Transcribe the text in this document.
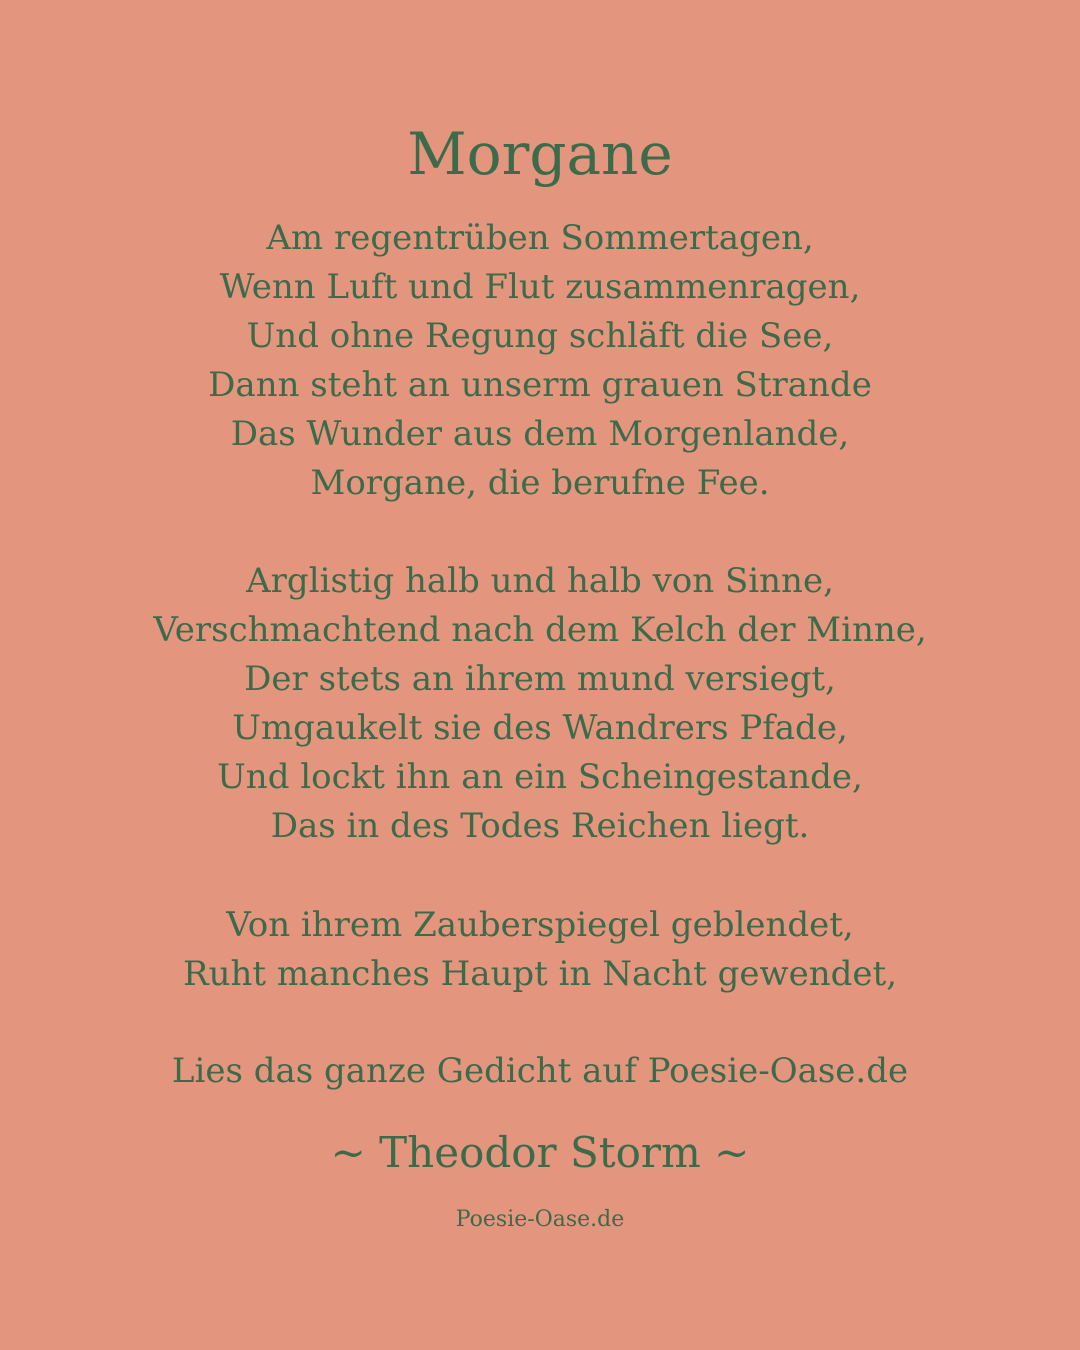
Morgane
Am regentrüben Sommertagen,
Wenn Luft und Flut zusammenragen,
Und ohne Regung schläft die See,
Dann steht an unserm grauen Strande
Das Wunder aus dem Morgenlande,
Morgane, die berufne Fee.
Arglistig halb und halb von Sinne,
Verschmachtend nach dem Kelch der Minne,
Der stets an ihrem mund versiegt,
Umgaukelt sie des Wandrers Pfade,
Und lockt ihn an ein Scheingestande,
Das in des Todes Reichen liegt.
Von ihrem Zauberspiegel geblendet,
Ruht manches Haupt in Nacht gewendet,
Lies das ganze Gedicht auf Poesie-Oase.de
~ Theodor Storm ~
Poesie-Oase.de
